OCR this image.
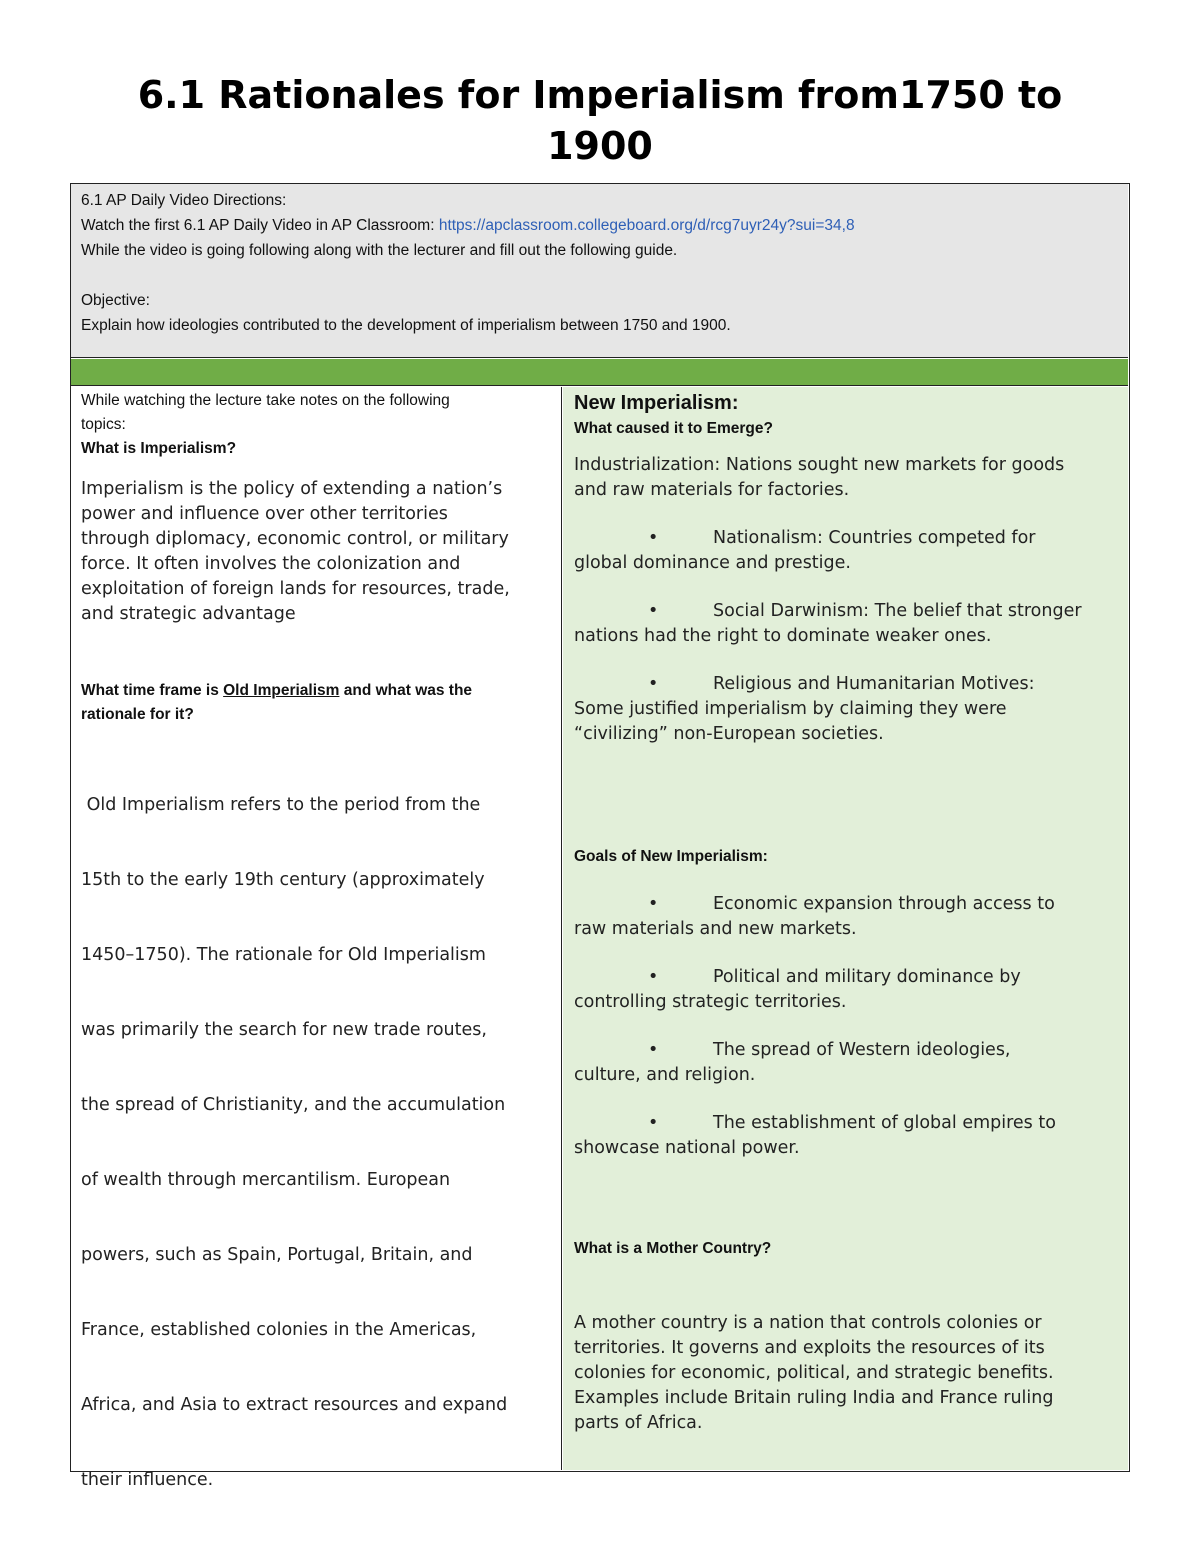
6.1 Rationales for Imperialism from1750 to
1900
6.1 AP Daily Video Directions:
Watch the first 6.1 AP Daily Video in AP Classroom: https://apclassroom.collegeboard.org/d/rcg7uyr24y?sui=34,8
While the video is going following along with the lecturer and fill out the following guide.
Objective:
Explain how ideologies contributed to the development of imperialism between 1750 and 1900.
While watching the lecture take notes on the following
topics:
What is Imperialism?
Imperialism is the policy of extending a nation’s
power and influence over other territories
through diplomacy, economic control, or military
force. It often involves the colonization and
exploitation of foreign lands for resources, trade,
and strategic advantage
What time frame is Old Imperialism and what was the
rationale for it?

Old Imperialism refers to the period from the

15th to the early 19th century (approximately

1450–1750). The rationale for Old Imperialism

was primarily the search for new trade routes,

the spread of Christianity, and the accumulation

of wealth through mercantilism. European

powers, such as Spain, Portugal, Britain, and

France, established colonies in the Americas,

Africa, and Asia to extract resources and expand

their influence.

New Imperialism:
What caused it to Emerge?
Industrialization: Nations sought new markets for goods
and raw materials for factories.
•	Nationalism: Countries competed for
global dominance and prestige.
•	Social Darwinism: The belief that stronger
nations had the right to dominate weaker ones.
•	Religious and Humanitarian Motives:
Some justified imperialism by claiming they were
“civilizing” non-European societies.
Goals of New Imperialism:
•	Economic expansion through access to
raw materials and new markets.
•	Political and military dominance by
controlling strategic territories.
•	The spread of Western ideologies,
culture, and religion.
•	The establishment of global empires to
showcase national power.
What is a Mother Country?
A mother country is a nation that controls colonies or
territories. It governs and exploits the resources of its
colonies for economic, political, and strategic benefits.
Examples include Britain ruling India and France ruling
parts of Africa.
